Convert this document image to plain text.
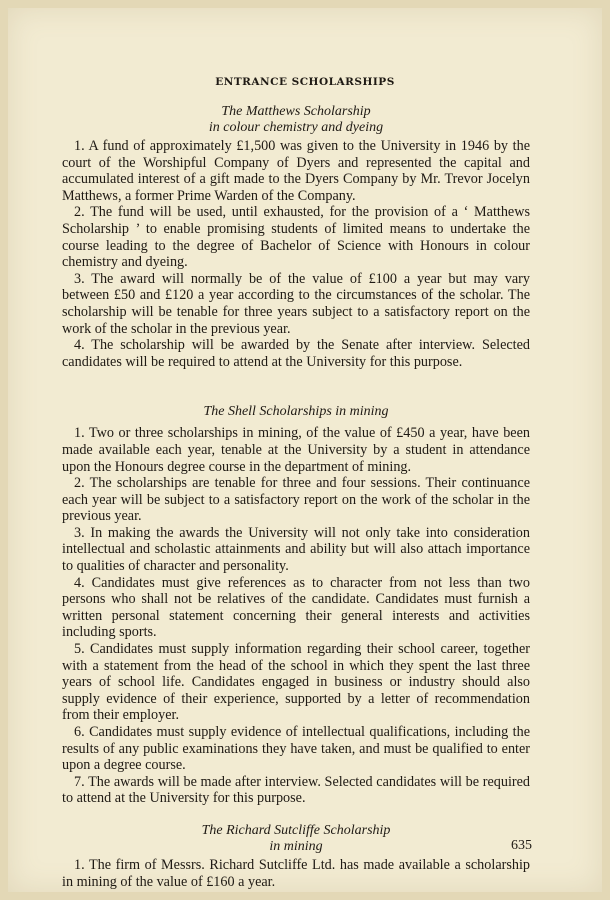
ENTRANCE SCHOLARSHIPS

The Matthews Scholarship

in colour chemistry and dyeing

1. A fund of approximately £1,500 was given to the University in 1946 by the court of the Worshipful Company of Dyers and represented the capital and accumulated interest of a gift made to the Dyers Company by Mr. Trevor Jocelyn Matthews, a former Prime Warden of the Company.

2. The fund will be used, until exhausted, for the provision of a ‘ Matthews Scholarship ’ to enable promising students of limited means to undertake the course leading to the degree of Bachelor of Science with Honours in colour chemistry and dyeing.

3. The award will normally be of the value of £100 a year but may vary between £50 and £120 a year according to the circumstances of the scholar. The scholarship will be tenable for three years subject to a satisfactory report on the work of the scholar in the previous year.

4. The scholarship will be awarded by the Senate after interview. Selected candidates will be required to attend at the University for this purpose.

The Shell Scholarships in mining

1. Two or three scholarships in mining, of the value of £450 a year, have been made available each year, tenable at the University by a student in attendance upon the Honours degree course in the department of mining.

2. The scholarships are tenable for three and four sessions. Their continuance each year will be subject to a satisfactory report on the work of the scholar in the previous year.

3. In making the awards the University will not only take into consideration intellectual and scholastic attainments and ability but will also attach importance to qualities of character and personality.

4. Candidates must give references as to character from not less than two persons who shall not be relatives of the candidate. Candidates must furnish a written personal statement concerning their general interests and activities including sports.

5. Candidates must supply information regarding their school career, together with a statement from the head of the school in which they spent the last three years of school life. Candidates engaged in business or industry should also supply evidence of their experience, supported by a letter of recommendation from their employer.

6. Candidates must supply evidence of intellectual qualifications, including the results of any public examinations they have taken, and must be qualified to enter upon a degree course.

7. The awards will be made after interview. Selected candidates will be required to attend at the University for this purpose.

The Richard Sutcliffe Scholarship

in mining

1. The firm of Messrs. Richard Sutcliffe Ltd. has made available a scholarship in mining of the value of £160 a year.

635
